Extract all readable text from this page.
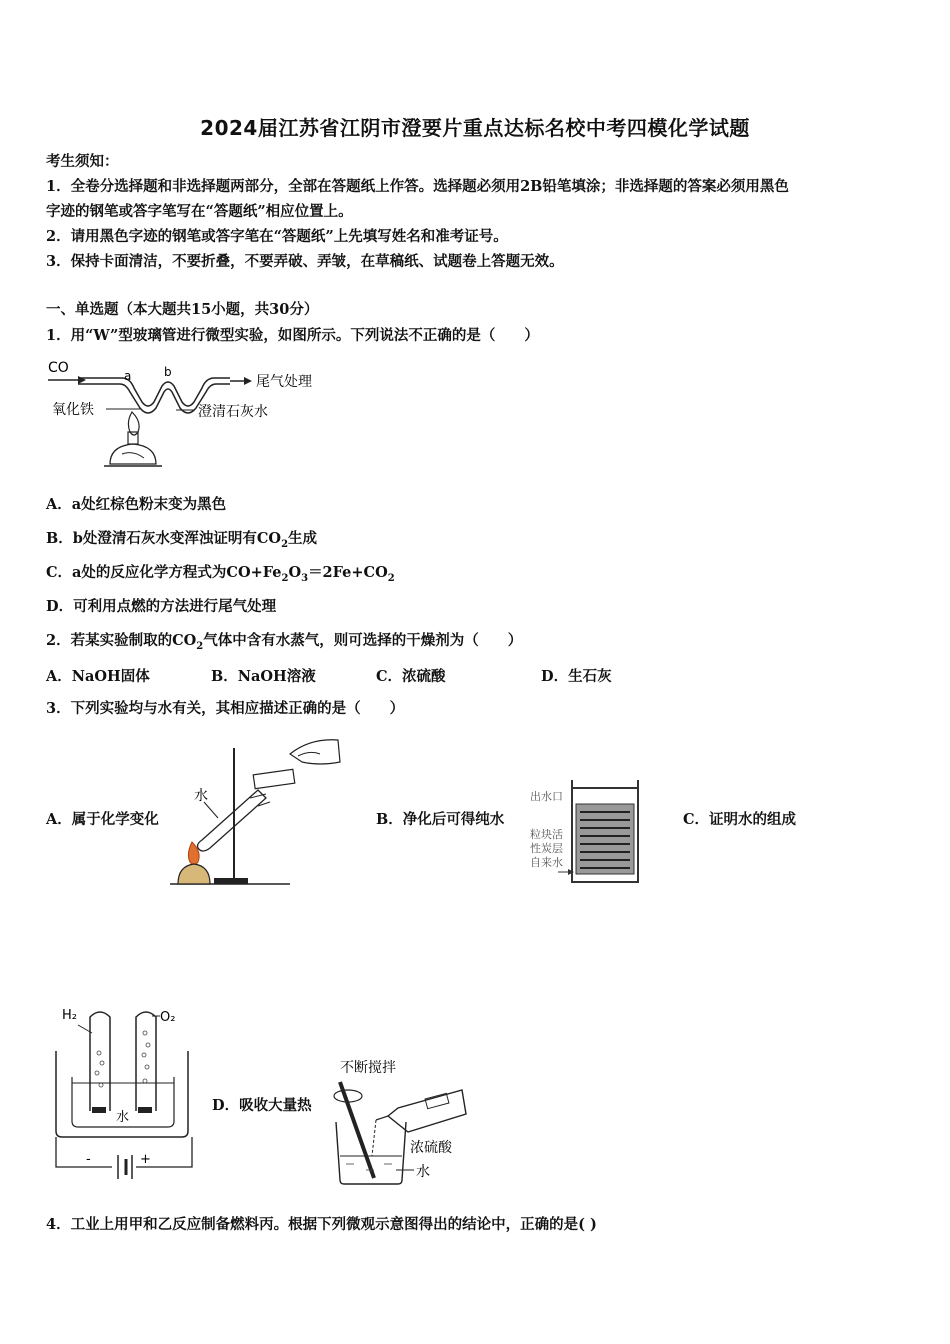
2024届江苏省江阴市澄要片重点达标名校中考四模化学试题
考生须知：
1．全卷分选择题和非选择题两部分，全部在答题纸上作答。选择题必须用2B铅笔填涂；非选择题的答案必须用黑色
字迹的钢笔或答字笔写在“答题纸”相应位置上。
2．请用黑色字迹的钢笔或答字笔在“答题纸”上先填写姓名和准考证号。
3．保持卡面清洁，不要折叠，不要弄破、弄皱，在草稿纸、试题卷上答题无效。
一、单选题（本大题共15小题，共30分）
1．用“W”型玻璃管进行微型实验，如图所示。下列说法不正确的是（　　）
CO	a	b
尾气处理
氧化铁	澄清石灰水
A．a处红棕色粉末变为黑色
B．b处澄清石灰水变浑浊证明有$CO_2$生成
C．a处的反应化学方程式为$CO+Fe_2O_3=2Fe+CO_2$
D．可利用点燃的方法进行尾气处理
2．若某实验制取的$CO_2$气体中含有水蒸气，则可选择的干燥剂为（　　）
A．NaOH固体	B．NaOH溶液	C．浓硫酸	D．生石灰
3．下列实验均与水有关，其相应描述正确的是（　　）
A．属于化学变化
水
B．净化后可得纯水
出水口
粒块活
性炭层
自来水
C．证明水的组成
H₂	O₂
水
-	+
D．吸收大量热
不断搅拌
浓硫酸
水
4．工业上用甲和乙反应制备燃料丙。根据下列微观示意图得出的结论中，正确的是( )
